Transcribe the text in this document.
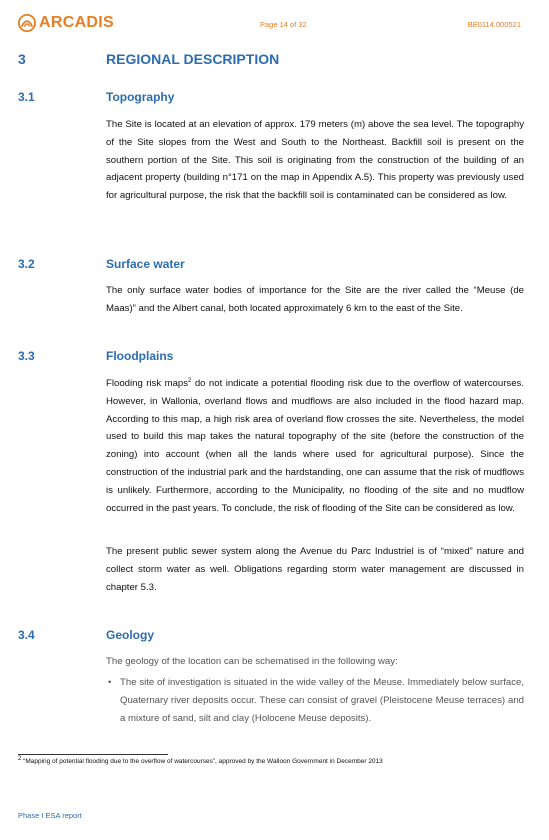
ARCADIS	Page 14 of 32	BE0114.000521
3	REGIONAL DESCRIPTION
3.1	Topography

The Site is located at an elevation of approx. 179 meters (m) above the sea level. The topography of the Site slopes from the West and South to the Northeast. Backfill soil is present on the southern portion of the Site. This soil is originating from the construction of the building of an adjacent property (building n°171 on the map in Appendix A.5). This property was previously used for agricultural purpose, the risk that the backfill soil is contaminated can be considered as low.

3.2	Surface water

The only surface water bodies of importance for the Site are the river called the “Meuse (de Maas)” and the Albert canal, both located approximately 6 km to the east of the Site.

3.3	Floodplains

Flooding risk maps$^2$ do not indicate a potential flooding risk due to the overflow of watercourses. However, in Wallonia, overland flows and mudflows are also included in the flood hazard map. According to this map, a high risk area of overland flow crosses the site. Nevertheless, the model used to build this map takes the natural topography of the site (before the construction of the zoning) into account (when all the lands where used for agricultural purpose). Since the construction of the industrial park and the hardstanding, one can assume that the risk of mudflows is unlikely. Furthermore, according to the Municipality, no flooding of the site and no mudflow occurred in the past years. To conclude, the risk of flooding of the Site can be considered as low.

The present public sewer system along the Avenue du Parc Industriel is of “mixed” nature and collect storm water as well. Obligations regarding storm water management are discussed in chapter 5.3.

3.4	Geology

The geology of the location can be schematised in the following way:

• The site of investigation is situated in the wide valley of the Meuse. Immediately below surface, Quaternary river deposits occur. These can consist of gravel (Pleistocene Meuse terraces) and a mixture of sand, silt and clay (Holocene Meuse deposits).
$^2$ “Mapping of potential flooding due to the overflow of watercourses”, approved by the Walloon Government in December 2013
Phase I ESA report
